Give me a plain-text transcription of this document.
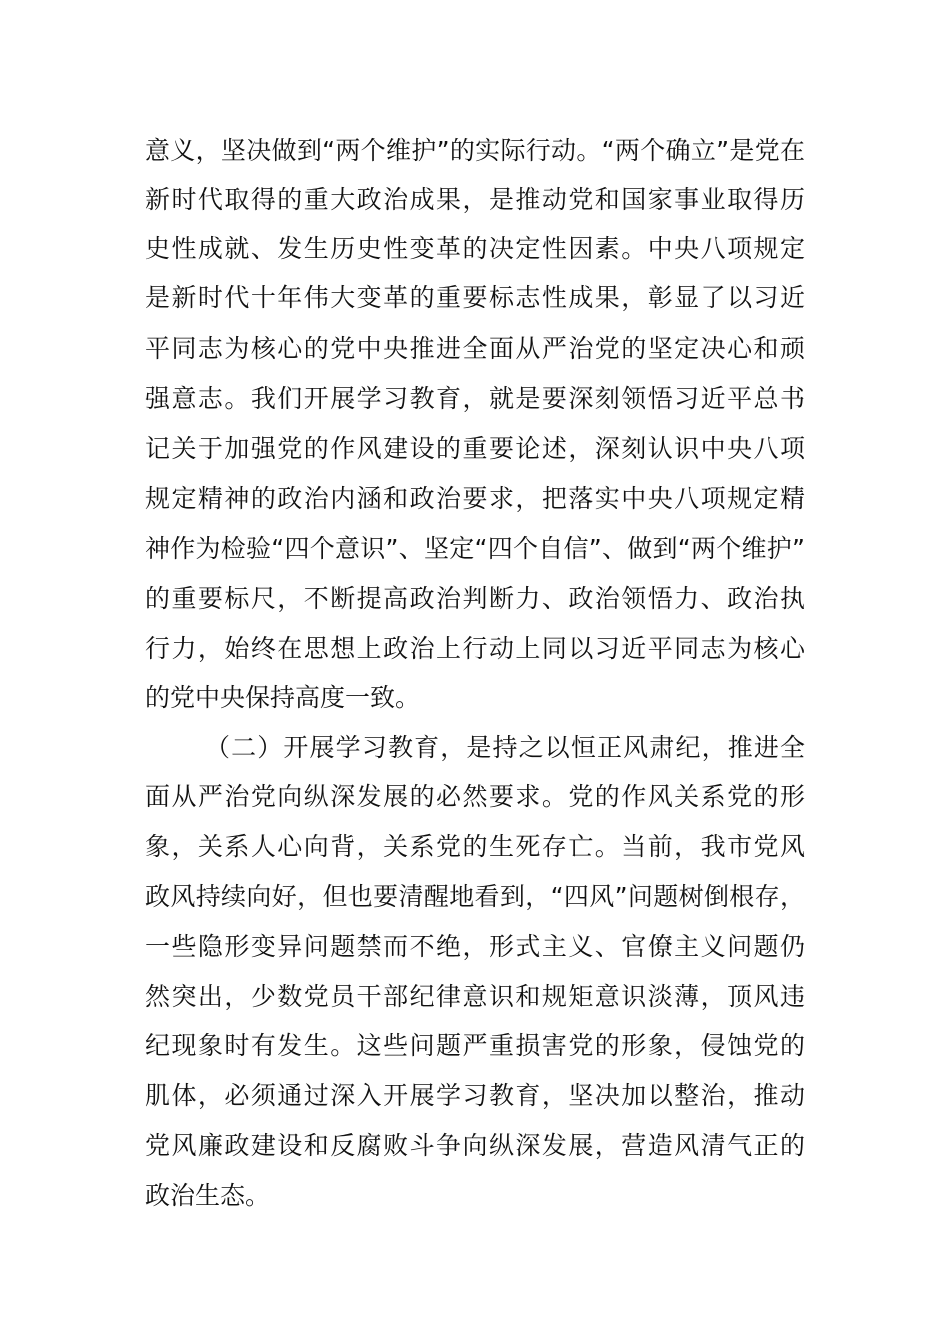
意义，坚决做到“两个维护”的实际行动。“两个确立”是党在
新时代取得的重大政治成果，是推动党和国家事业取得历
史性成就、发生历史性变革的决定性因素。中央八项规定
是新时代十年伟大变革的重要标志性成果，彰显了以习近
平同志为核心的党中央推进全面从严治党的坚定决心和顽
强意志。我们开展学习教育，就是要深刻领悟习近平总书
记关于加强党的作风建设的重要论述，深刻认识中央八项
规定精神的政治内涵和政治要求，把落实中央八项规定精
神作为检验“四个意识”、坚定“四个自信”、做到“两个维护”
的重要标尺，不断提高政治判断力、政治领悟力、政治执
行力，始终在思想上政治上行动上同以习近平同志为核心
的党中央保持高度一致。
（二）开展学习教育，是持之以恒正风肃纪，推进全
面从严治党向纵深发展的必然要求。党的作风关系党的形
象，关系人心向背，关系党的生死存亡。当前，我市党风
政风持续向好，但也要清醒地看到，“四风”问题树倒根存，
一些隐形变异问题禁而不绝，形式主义、官僚主义问题仍
然突出，少数党员干部纪律意识和规矩意识淡薄，顶风违
纪现象时有发生。这些问题严重损害党的形象，侵蚀党的
肌体，必须通过深入开展学习教育，坚决加以整治，推动
党风廉政建设和反腐败斗争向纵深发展，营造风清气正的
政治生态。
